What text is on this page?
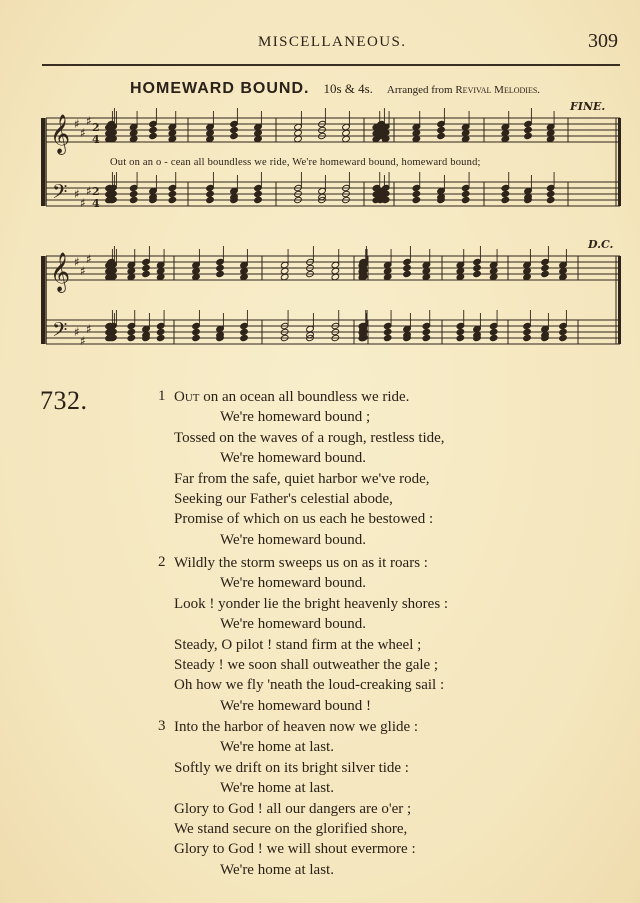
MISCELLANEOUS.	309
HOMEWARD BOUND. 10s & 4s. Arranged from Revival Melodies.
𝄞 ♯
♯
♯
𝄢 ♯
♯
♯
𝄞 ♯
♯
♯
𝄢 ♯
♯
♯
2
4
2
4
FINE.
D.C.
Out on an o - cean all boundless we ride, We're homeward bound, homeward bound;
732.	1 Out on an ocean all boundless we ride.
We're homeward bound ;
Tossed on the waves of a rough, restless tide,
We're homeward bound.
Far from the safe, quiet harbor we've rode,
Seeking our Father's celestial abode,
Promise of which on us each he bestowed :
We're homeward bound.
2 Wildly the storm sweeps us on as it roars :
We're homeward bound.
Look ! yonder lie the bright heavenly shores :
We're homeward bound.
Steady, O pilot ! stand firm at the wheel ;
Steady ! we soon shall outweather the gale ;
Oh how we fly 'neath the loud-creaking sail :
We're homeward bound !
3 Into the harbor of heaven now we glide :
We're home at last.
Softly we drift on its bright silver tide :
We're home at last.
Glory to God ! all our dangers are o'er ;
We stand secure on the glorified shore,
Glory to God ! we will shout evermore :
We're home at last.
